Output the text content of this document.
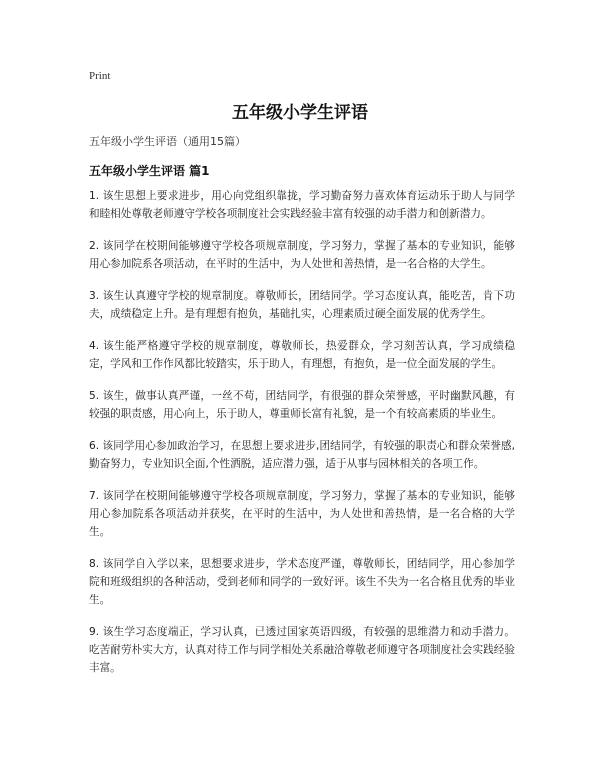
Print
五年级小学生评语
五年级小学生评语（通用15篇）
五年级小学生评语 篇1

1. 该生思想上要求进步，用心向党组织靠拢，学习勤奋努力喜欢体育运动乐于助人与同学和睦相处尊敬老师遵守学校各项制度社会实践经验丰富有较强的动手潜力和创新潜力。

2. 该同学在校期间能够遵守学校各项规章制度，学习努力，掌握了基本的专业知识，能够用心参加院系各项活动，在平时的生活中，为人处世和善热情，是一名合格的大学生。

3. 该生认真遵守学校的规章制度。尊敬师长，团结同学。学习态度认真，能吃苦，肯下功夫，成绩稳定上升。是有理想有抱负，基础扎实，心理素质过硬全面发展的优秀学生。

4. 该生能严格遵守学校的规章制度，尊敬师长，热爱群众，学习刻苦认真，学习成绩稳定，学风和工作作风都比较踏实，乐于助人，有理想，有抱负，是一位全面发展的学生。

5. 该生，做事认真严谨，一丝不苟，团结同学，有很强的群众荣誉感，平时幽默风趣，有较强的职责感，用心向上，乐于助人，尊重师长富有礼貌，是一个有较高素质的毕业生。

6. 该同学用心参加政治学习，在思想上要求进步,团结同学，有较强的职责心和群众荣誉感,勤奋努力，专业知识全面,个性洒脱，适应潜力强，适于从事与园林相关的各项工作。

7. 该同学在校期间能够遵守学校各项规章制度，学习努力，掌握了基本的专业知识，能够用心参加院系各项活动并获奖，在平时的生活中，为人处世和善热情，是一名合格的大学生。

8. 该同学自入学以来，思想要求进步，学术态度严谨，尊敬师长，团结同学，用心参加学院和班级组织的各种活动，受到老师和同学的一致好评。该生不失为一名合格且优秀的毕业生。

9. 该生学习态度端正，学习认真，已透过国家英语四级，有较强的思维潜力和动手潜力。吃苦耐劳朴实大方，认真对待工作与同学相处关系融洽尊敬老师遵守各项制度社会实践经验丰富。
